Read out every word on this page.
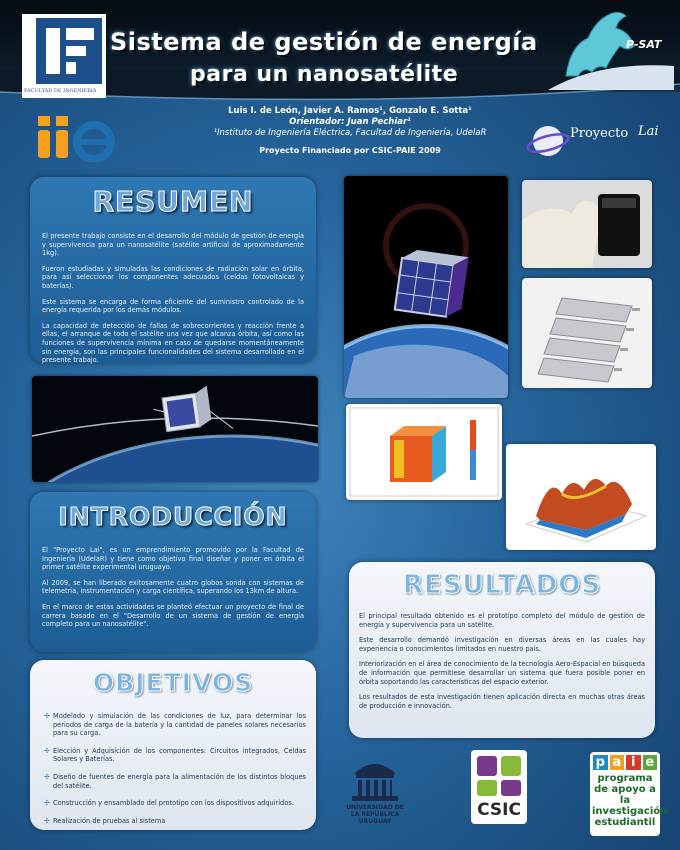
FACULTAD DE INGENIERIA
Sistema de gestión de energía
para un nanosatélite
P-SAT
Luis I. de León, Javier A. Ramos¹, Gonzalo E. Sotta¹
Orientador: Juan Pechiar¹
¹Instituto de Ingeniería Eléctrica, Facultad de Ingeniería, UdelaR
Proyecto Financiado por CSIC-PAIE 2009
Proyecto Lai
RESUMEN

El presente trabajo consiste en el desarrollo del módulo de gestión de energía y supervivencia para un nanosatélite (satélite artificial de aproximadamente 1kg).

Fueron estudiadas y simuladas las condiciones de radiación solar en órbita, para así seleccionar los componentes adecuados (celdas fotovoltaicas y baterías).

Este sistema se encarga de forma eficiente del suministro controlado de la energía requerida por los demás módulos.

La capacidad de detección de fallas de sobrecorrientes y reacción frente a ellas, el arranque de todo el satélite una vez que alcanza órbita, así como las funciones de supervivencia mínima en caso de quedarse momentáneamente sin energía, son las principales funcionalidades del sistema desarrollado en el presente trabajo.

INTRODUCCIÓN

El "Proyecto Lai", es un emprendimiento promovido por la Facultad de Ingeniería (UdelaR) y tiene como objetivo final diseñar y poner en órbita el primer satélite experimental uruguayo.

Al 2009, se han liberado exitosamente cuatro globos sonda con sistemas de telemetría, instrumentación y carga científica, superando los 13km de altura.

En el marco de estas actividades se planteó efectuar un proyecto de final de carrera basado en el "Desarrollo de un sistema de gestión de energía completo para un nanosatélite".

OBJETIVOS
✢ Modelado y simulación de las condiciones de luz, para determinar los periodos de carga de la batería y la cantidad de paneles solares necesarios para su carga.
✢ Elección y Adquisición de los componentes: Circuitos integrados, Celdas Solares y Baterías.
✢ Diseño de fuentes de energía para la alimentación de los distintos bloques del satélite.
✢ Construcción y ensamblado del prototipo con los dispositivos adquiridos.
✢ Realización de pruebas al sistema
RESULTADOS

El principal resultado obtenido es el prototipo completo del módulo de gestión de energía y supervivencia para un satélite.

Este desarrollo demandó investigación en diversas áreas en las cuales hay experiencia o conocimientos limitados en nuestro país.

Interiorización en el área de conocimiento de la tecnología Aero-Espacial en búsqueda de información que permitiese desarrollar un sistema que fuera posible poner en órbita soportando las características del espacio exterior.

Los resultados de esta investigación tienen aplicación directa en muchas otras áreas de producción e innovación.

UNIVERSIDAD DE LA REPÚBLICA URUGUAY
CSIC
p a i e
programa de apoyo a la investigación estudiantil
